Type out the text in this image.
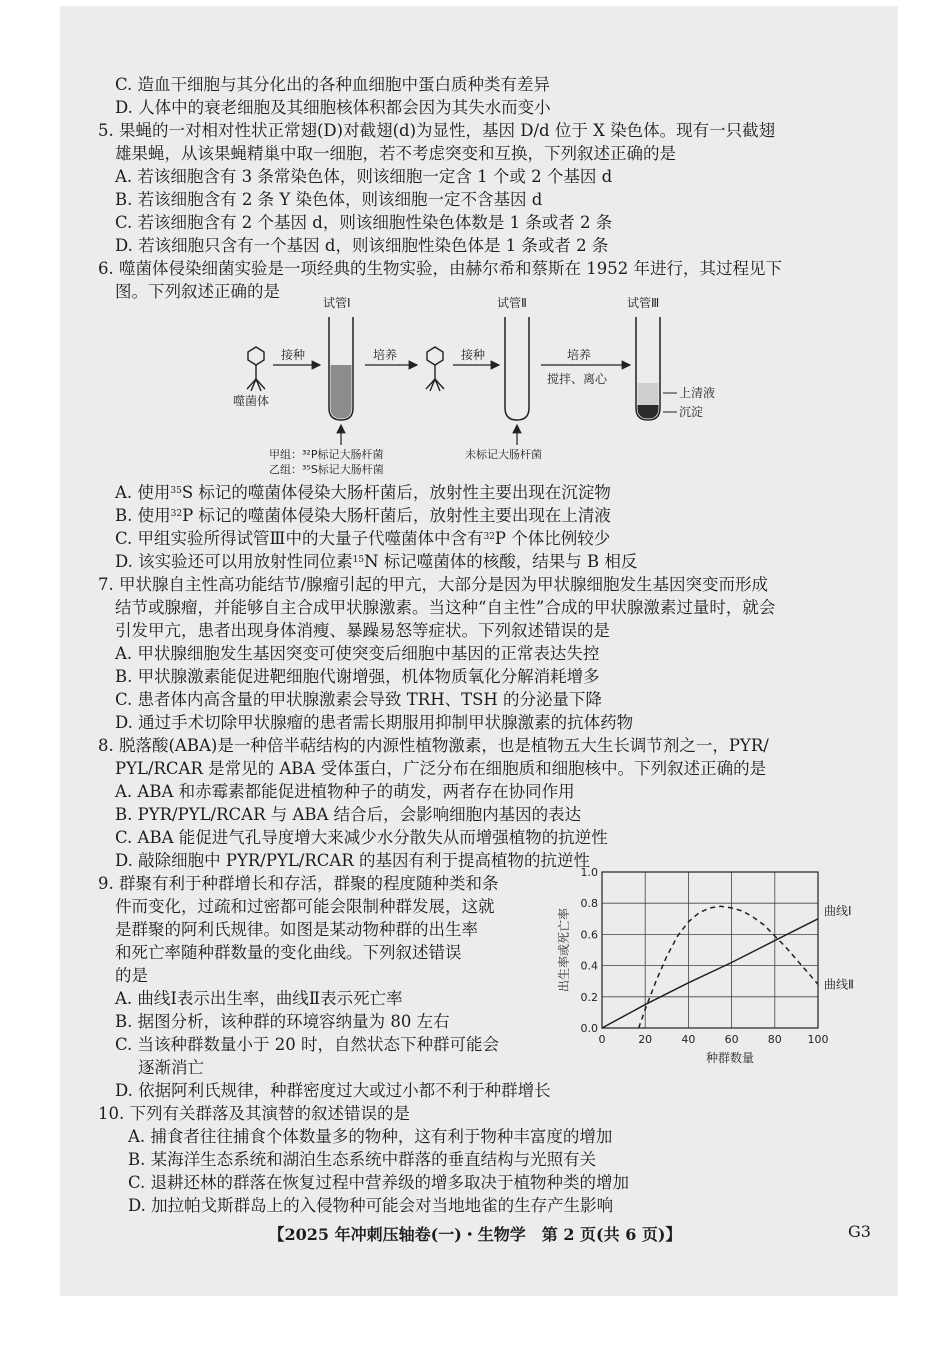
C. 造血干细胞与其分化出的各种血细胞中蛋白质种类有差异
D. 人体中的衰老细胞及其细胞核体积都会因为其失水而变小
5. 果蝇的一对相对性状正常翅(D)对截翅(d)为显性，基因 D/d 位于 X 染色体。现有一只截翅
雄果蝇，从该果蝇精巢中取一细胞，若不考虑突变和互换，下列叙述正确的是
A. 若该细胞含有 3 条常染色体，则该细胞一定含 1 个或 2 个基因 d
B. 若该细胞含有 2 条 Y 染色体，则该细胞一定不含基因 d
C. 若该细胞含有 2 个基因 d，则该细胞性染色体数是 1 条或者 2 条
D. 若该细胞只含有一个基因 d，则该细胞性染色体是 1 条或者 2 条
6. 噬菌体侵染细菌实验是一项经典的生物实验，由赫尔希和蔡斯在 1952 年进行，其过程见下
图。下列叙述正确的是
噬菌体
接种
试管Ⅰ
甲组：³²P标记大肠杆菌
乙组：³⁵S标记大肠杆菌
培养	接种
试管Ⅱ
未标记大肠杆菌
培养
搅拌、离心
试管Ⅲ
上清液
沉淀
A. 使用$^{35}$S 标记的噬菌体侵染大肠杆菌后，放射性主要出现在沉淀物
B. 使用$^{32}$P 标记的噬菌体侵染大肠杆菌后，放射性主要出现在上清液
C. 甲组实验所得试管Ⅲ中的大量子代噬菌体中含有$^{32}$P 个体比例较少
D. 该实验还可以用放射性同位素$^{15}$N 标记噬菌体的核酸，结果与 B 相反
7. 甲状腺自主性高功能结节/腺瘤引起的甲亢，大部分是因为甲状腺细胞发生基因突变而形成
结节或腺瘤，并能够自主合成甲状腺激素。当这种“自主性”合成的甲状腺激素过量时，就会
引发甲亢，患者出现身体消瘦、暴躁易怒等症状。下列叙述错误的是
A. 甲状腺细胞发生基因突变可使突变后细胞中基因的正常表达失控
B. 甲状腺激素能促进靶细胞代谢增强，机体物质氧化分解消耗增多
C. 患者体内高含量的甲状腺激素会导致 TRH、TSH 的分泌量下降
D. 通过手术切除甲状腺瘤的患者需长期服用抑制甲状腺激素的抗体药物
8. 脱落酸(ABA)是一种倍半萜结构的内源性植物激素，也是植物五大生长调节剂之一，PYR/
PYL/RCAR 是常见的 ABA 受体蛋白，广泛分布在细胞质和细胞核中。下列叙述正确的是
A. ABA 和赤霉素都能促进植物种子的萌发，两者存在协同作用
B. PYR/PYL/RCAR 与 ABA 结合后，会影响细胞内基因的表达
C. ABA 能促进气孔导度增大来减少水分散失从而增强植物的抗逆性
D. 敲除细胞中 PYR/PYL/RCAR 的基因有利于提高植物的抗逆性
9. 群聚有利于种群增长和存活，群聚的程度随种类和条
件而变化，过疏和过密都可能会限制种群发展，这就
是群聚的阿利氏规律。如图是某动物种群的出生率
和死亡率随种群数量的变化曲线。下列叙述错误
的是
A. 曲线Ⅰ表示出生率，曲线Ⅱ表示死亡率
B. 据图分析，该种群的环境容纳量为 80 左右
C. 当该种群数量小于 20 时，自然状态下种群可能会
逐渐消亡
D. 依据阿利氏规律，种群密度过大或过小都不利于种群增长
0	20	40	60	80 100
0.0
0.2
0.4
0.6
0.8
1.0
种群数量
出生率或死亡率	曲线Ⅰ
曲线Ⅱ
10. 下列有关群落及其演替的叙述错误的是
A. 捕食者往往捕食个体数量多的物种，这有利于物种丰富度的增加
B. 某海洋生态系统和湖泊生态系统中群落的垂直结构与光照有关
C. 退耕还林的群落在恢复过程中营养级的增多取决于植物种类的增加
D. 加拉帕戈斯群岛上的入侵物种可能会对当地地雀的生存产生影响
【2025 年冲刺压轴卷(一)・生物学　第 2 页(共 6 页)】	G3
